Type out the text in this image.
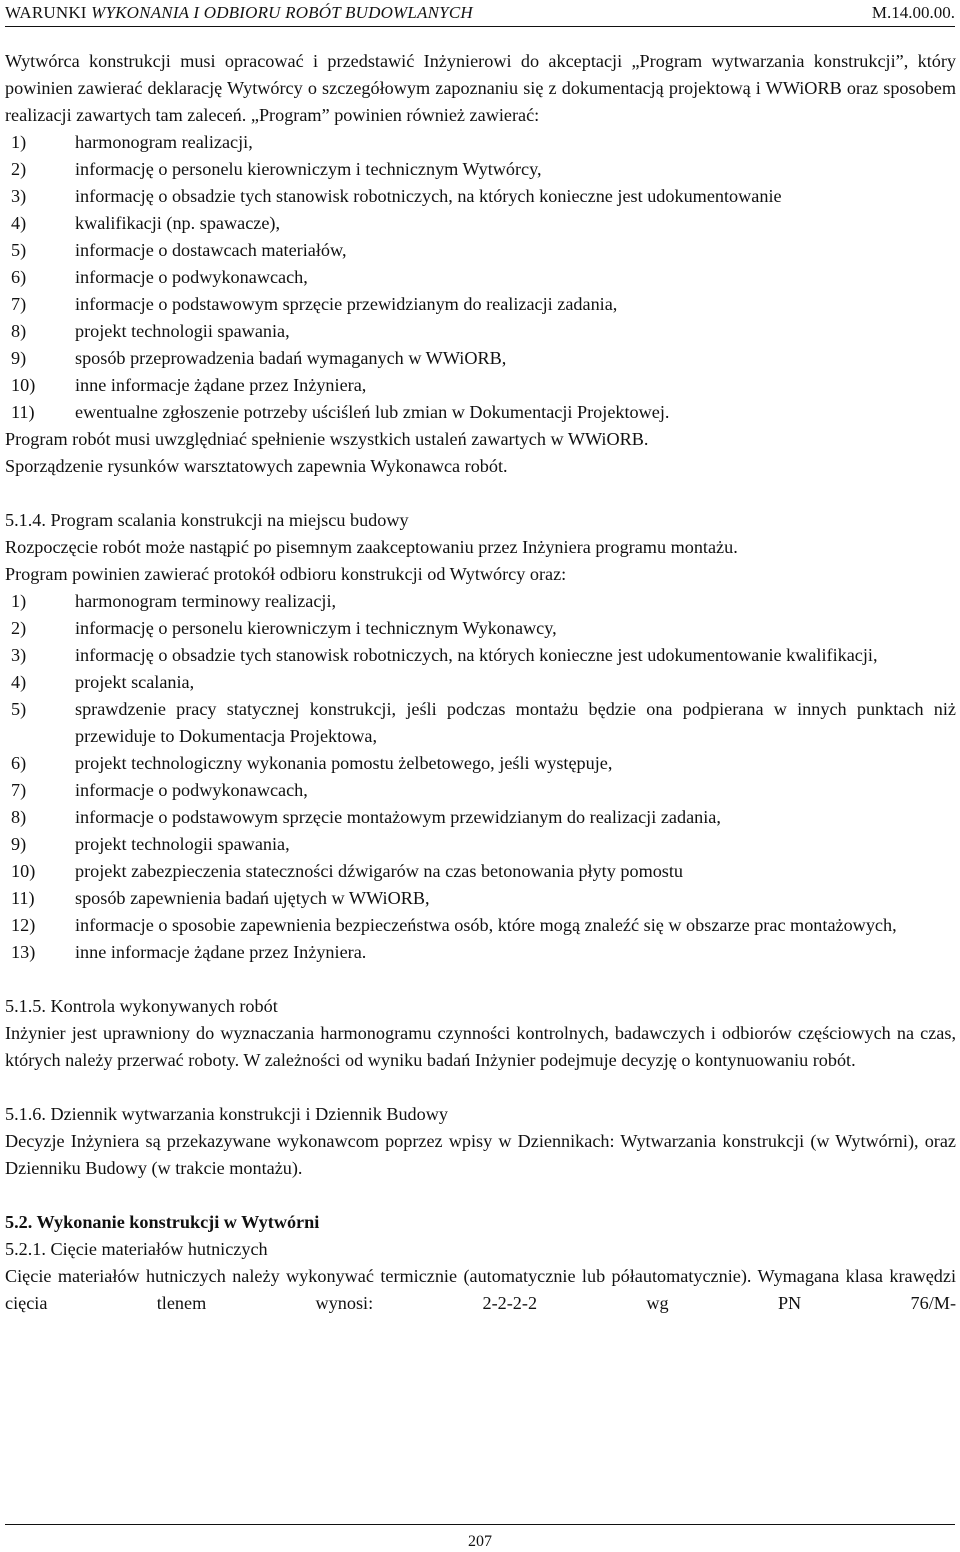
WARUNKI WYKONANIA I ODBIORU ROBÓT BUDOWLANYCH	M.14.00.00.

Wytwórca konstrukcji musi opracować i przedstawić Inżynierowi do akceptacji „Program wytwarzania konstrukcji”, który powinien zawierać deklarację Wytwórcy o szczegółowym zapoznaniu się z dokumentacją projektową i WWiORB oraz sposobem realizacji zawartych tam zaleceń. „Program” powinien również zawierać:

1)	harmonogram realizacji,
2)	informację o personelu kierowniczym i technicznym Wytwórcy,
3)	informację o obsadzie tych stanowisk robotniczych, na których konieczne jest udokumentowanie
4)	kwalifikacji (np. spawacze),
5)	informacje o dostawcach materiałów,
6)	informacje o podwykonawcach,
7)	informacje o podstawowym sprzęcie przewidzianym do realizacji zadania,
8)	projekt technologii spawania,
9)	sposób przeprowadzenia badań wymaganych w WWiORB,
10) inne informacje żądane przez Inżyniera,
11) ewentualne zgłoszenie potrzeby uściśleń lub zmian w Dokumentacji Projektowej.

Program robót musi uwzględniać spełnienie wszystkich ustaleń zawartych w WWiORB.

Sporządzenie rysunków warsztatowych zapewnia Wykonawca robót.

5.1.4. Program scalania konstrukcji na miejscu budowy

Rozpoczęcie robót może nastąpić po pisemnym zaakceptowaniu przez Inżyniera programu montażu.

Program powinien zawierać protokół odbioru konstrukcji od Wytwórcy oraz:

1)	harmonogram terminowy realizacji,
2)	informację o personelu kierowniczym i technicznym Wykonawcy,
3)	informację o obsadzie tych stanowisk robotniczych, na których konieczne jest udokumentowanie kwalifikacji,
4)	projekt scalania,
5)	sprawdzenie pracy statycznej konstrukcji, jeśli podczas montażu będzie ona podpierana w innych punktach niż przewiduje to Dokumentacja Projektowa,
6)	projekt technologiczny wykonania pomostu żelbetowego, jeśli występuje,
7)	informacje o podwykonawcach,
8)	informacje o podstawowym sprzęcie montażowym przewidzianym do realizacji zadania,
9)	projekt technologii spawania,
10) projekt zabezpieczenia stateczności dźwigarów na czas betonowania płyty pomostu
11) sposób zapewnienia badań ujętych w WWiORB,
12) informacje o sposobie zapewnienia bezpieczeństwa osób, które mogą znaleźć się w obszarze prac montażowych,
13) inne informacje żądane przez Inżyniera.

5.1.5. Kontrola wykonywanych robót

Inżynier jest uprawniony do wyznaczania harmonogramu czynności kontrolnych, badawczych i odbiorów częściowych na czas, których należy przerwać roboty. W zależności od wyniku badań Inżynier podejmuje decyzję o kontynuowaniu robót.

5.1.6. Dziennik wytwarzania konstrukcji i Dziennik Budowy

Decyzje Inżyniera są przekazywane wykonawcom poprzez wpisy w Dziennikach: Wytwarzania konstrukcji (w Wytwórni), oraz Dzienniku Budowy (w trakcie montażu).

5.2. Wykonanie konstrukcji w Wytwórni

5.2.1. Cięcie materiałów hutniczych

Cięcie materiałów hutniczych należy wykonywać termicznie (automatycznie lub półautomatycznie). Wymagana klasa krawędzi cięcia tlenem wynosi: 2-2-2-2 wg PN 76/M-

207
